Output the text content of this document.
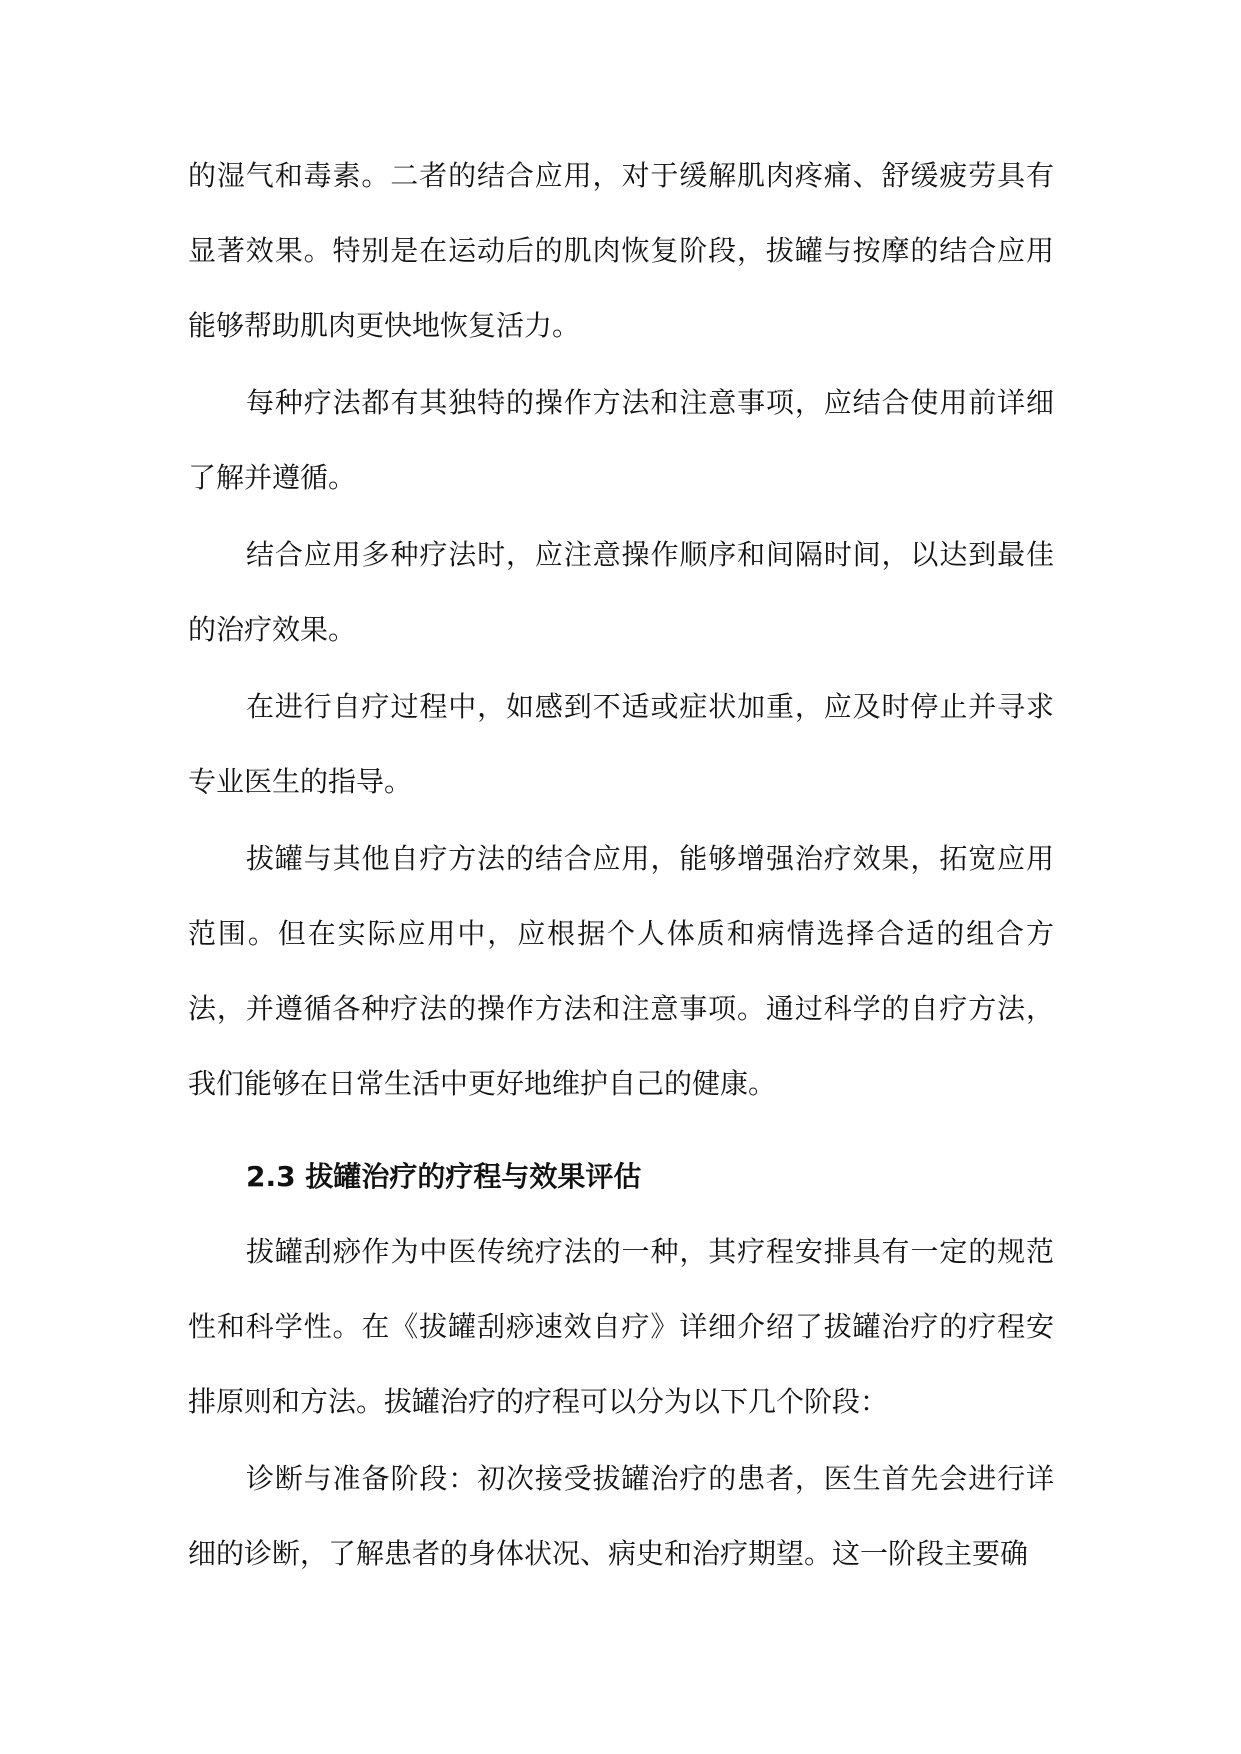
的湿气和毒素。二者的结合应用，对于缓解肌肉疼痛、舒缓疲劳具有显著效果。特别是在运动后的肌肉恢复阶段，拔罐与按摩的结合应用能够帮助肌肉更快地恢复活力。

每种疗法都有其独特的操作方法和注意事项，应结合使用前详细了解并遵循。

结合应用多种疗法时，应注意操作顺序和间隔时间，以达到最佳的治疗效果。

在进行自疗过程中，如感到不适或症状加重，应及时停止并寻求专业医生的指导。

拔罐与其他自疗方法的结合应用，能够增强治疗效果，拓宽应用范围。但在实际应用中，应根据个人体质和病情选择合适的组合方法，并遵循各种疗法的操作方法和注意事项。通过科学的自疗方法，我们能够在日常生活中更好地维护自己的健康。

2.3 拔罐治疗的疗程与效果评估

拔罐刮痧作为中医传统疗法的一种，其疗程安排具有一定的规范性和科学性。在《拔罐刮痧速效自疗》详细介绍了拔罐治疗的疗程安排原则和方法。拔罐治疗的疗程可以分为以下几个阶段：

诊断与准备阶段：初次接受拔罐治疗的患者，医生首先会进行详细的诊断，了解患者的身体状况、病史和治疗期望。这一阶段主要确
